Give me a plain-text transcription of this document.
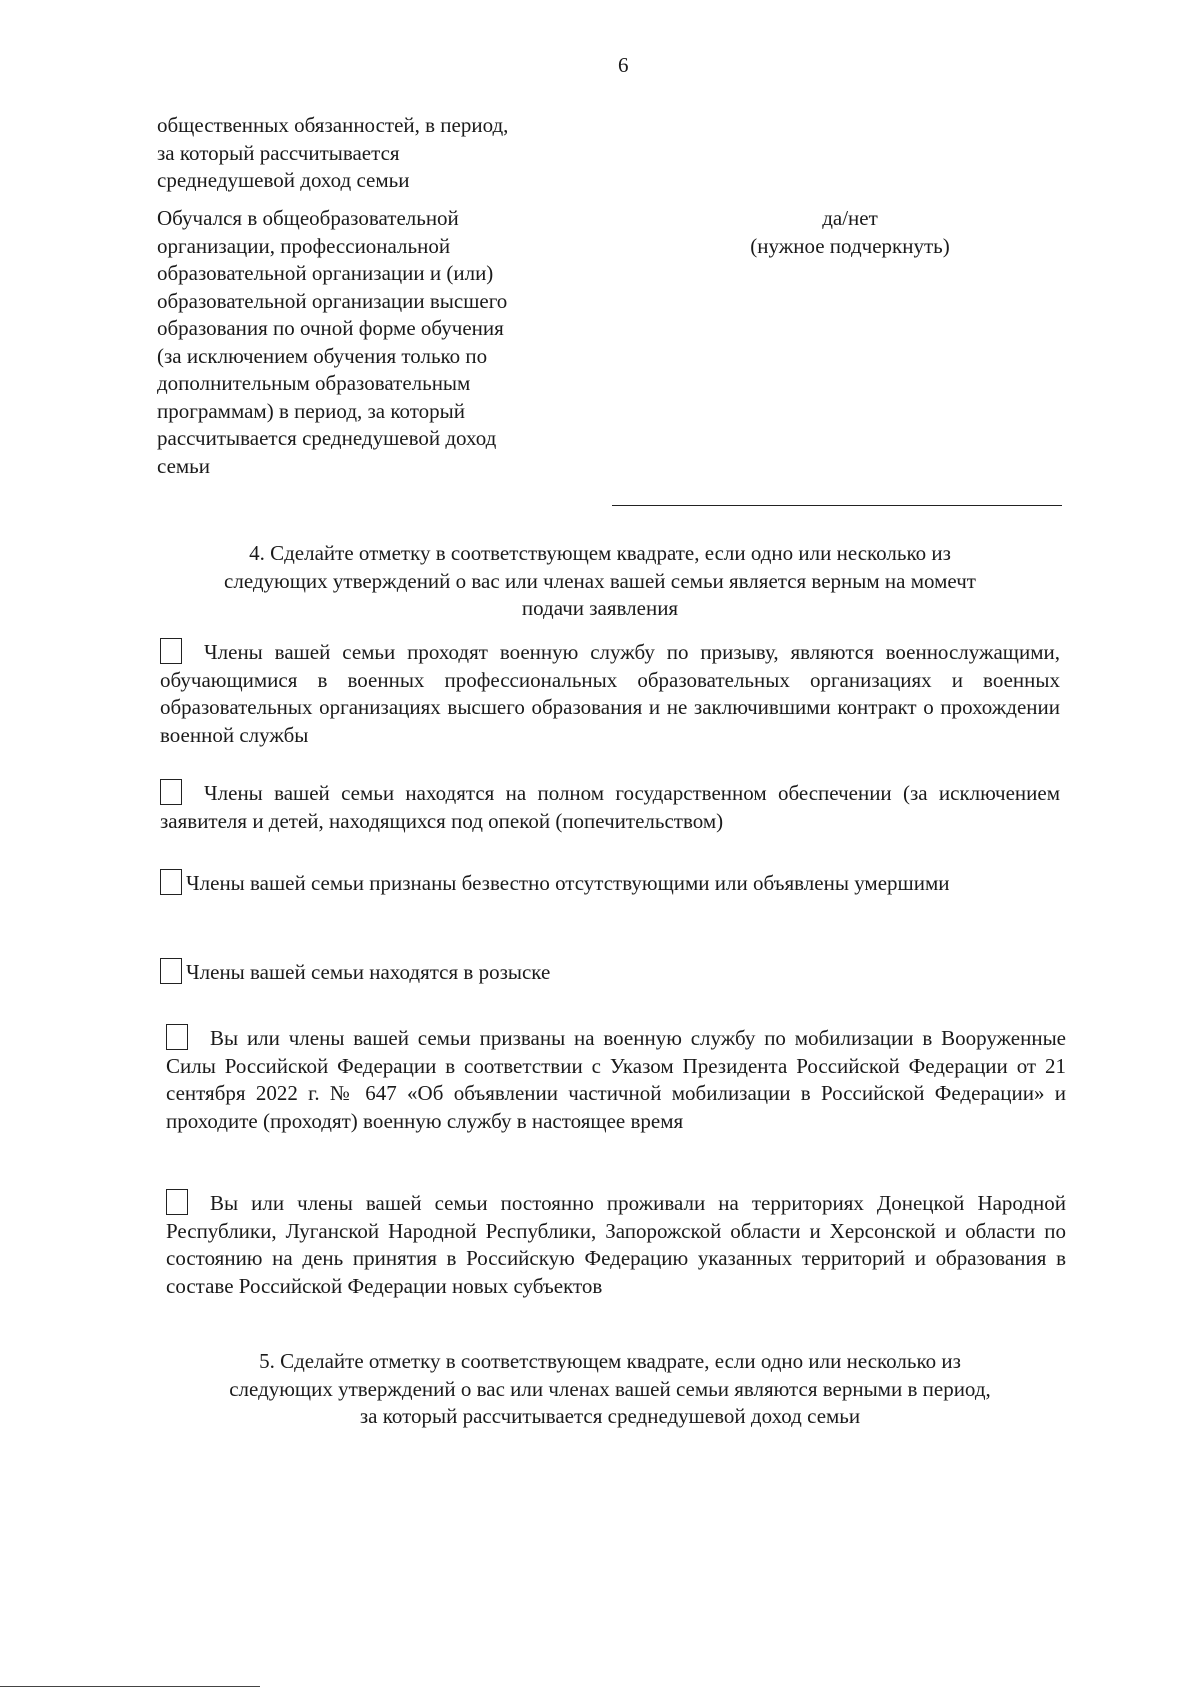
6
общественных обязанностей, в период,
за который рассчитывается
среднедушевой доход семьи
Обучался в общеобразовательной
организации, профессиональной
образовательной организации и (или)
образовательной организации высшего
образования по очной форме обучения
(за исключением обучения только по
дополнительным образовательным
программам) в период, за который
рассчитывается среднедушевой доход
семьи
да/нет
(нужное подчеркнуть)
4. Сделайте отметку в соответствующем квадрате, если одно или несколько из
следующих утверждений о вас или членах вашей семьи является верным на момечт
подачи заявления
Члены вашей семьи проходят военную службу по призыву, являются военнослужащими, обучающимися в военных профессиональных образовательных организациях и военных образовательных организациях высшего образования и не заключившими контракт о прохождении военной службы
Члены вашей семьи находятся на полном государственном обеспечении (за исключением заявителя и детей, находящихся под опекой (попечительством)
Члены вашей семьи признаны безвестно отсутствующими или объявлены умершими
Члены вашей семьи находятся в розыске
Вы или члены вашей семьи призваны на военную службу по мобилизации в Вооруженные Силы Российской Федерации в соответствии с Указом Президента Российской Федерации от 21 сентября 2022 г. № 647 «Об объявлении частичной мобилизации в Российской Федерации» и проходите (проходят) военную службу в настоящее время
Вы или члены вашей семьи постоянно проживали на территориях Донецкой Народной Республики, Луганской Народной Республики, Запорожской области и Херсонской и области по состоянию на день принятия в Российскую Федерацию указанных территорий и образования в составе Российской Федерации новых субъектов
5. Сделайте отметку в соответствующем квадрате, если одно или несколько из
следующих утверждений о вас или членах вашей семьи являются верными в период,
за который рассчитывается среднедушевой доход семьи
